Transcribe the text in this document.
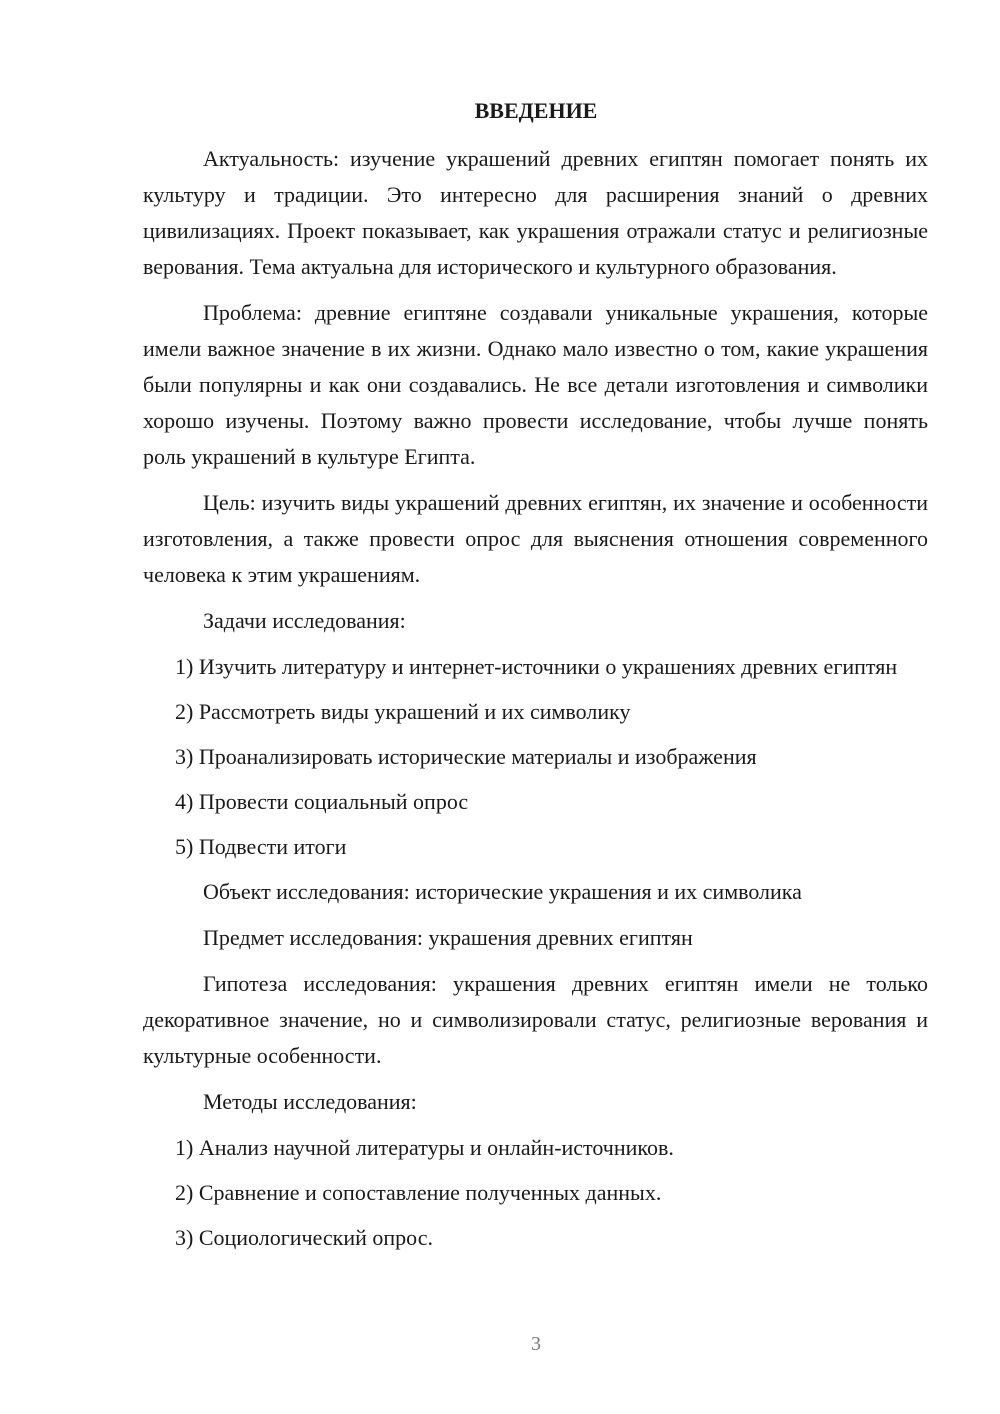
ВВЕДЕНИЕ

Актуальность: изучение украшений древних египтян помогает понять их культуру и традиции. Это интересно для расширения знаний о древних цивилизациях. Проект показывает, как украшения отражали статус и религиозные верования. Тема актуальна для исторического и культурного образования.

Проблема: древние египтяне создавали уникальные украшения, которые имели важное значение в их жизни. Однако мало известно о том, какие украшения были популярны и как они создавались. Не все детали изготовления и символики хорошо изучены. Поэтому важно провести исследование, чтобы лучше понять роль украшений в культуре Египта.

Цель: изучить виды украшений древних египтян, их значение и особенности изготовления, а также провести опрос для выяснения отношения современного человека к этим украшениям.

Задачи исследования:

1) Изучить литературу и интернет-источники о украшениях древних египтян

2) Рассмотреть виды украшений и их символику

3) Проанализировать исторические материалы и изображения

4) Провести социальный опрос

5) Подвести итоги

Объект исследования: исторические украшения и их символика

Предмет исследования: украшения древних египтян

Гипотеза исследования: украшения древних египтян имели не только декоративное значение, но и символизировали статус, религиозные верования и культурные особенности.

Методы исследования:

1) Анализ научной литературы и онлайн-источников.

2) Сравнение и сопоставление полученных данных.

3) Социологический опрос.

3
